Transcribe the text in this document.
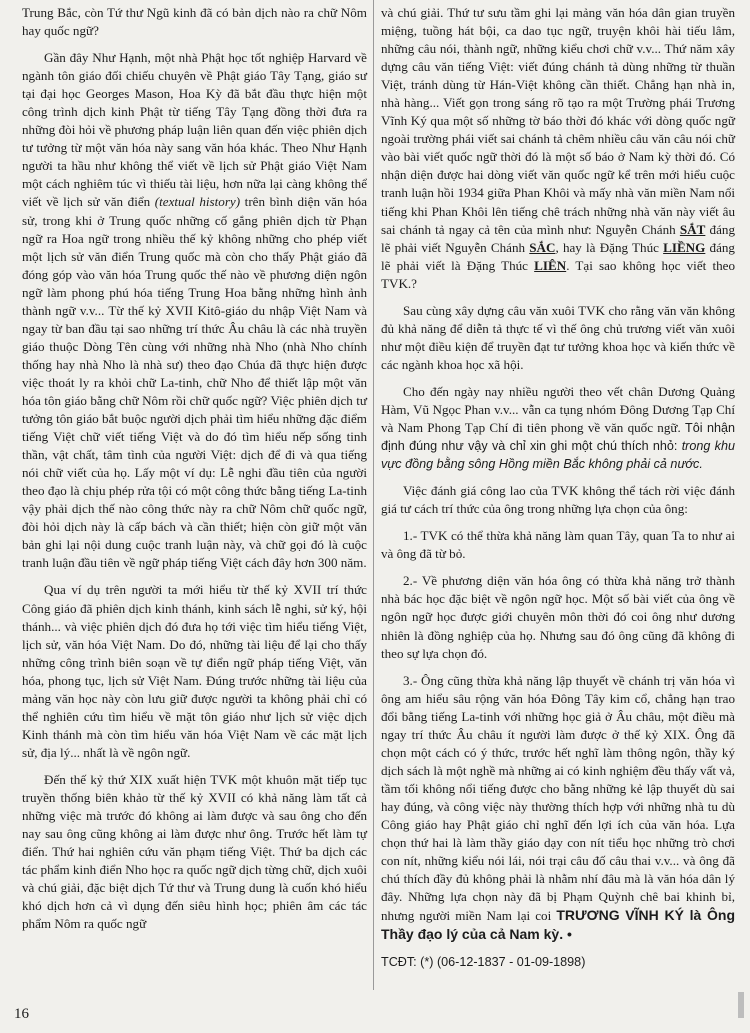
Trung Bắc, còn Tứ thư Ngũ kinh đã có bản dịch nào ra chữ Nôm hay quốc ngữ?

Gần đây Như Hạnh, một nhà Phật học tốt nghiệp Harvard về ngành tôn giáo đối chiếu chuyên về Phật giáo Tây Tạng, giáo sư tại đại học Georges Mason, Hoa Kỳ đã bắt đầu thực hiện một công trình dịch kinh Phật từ tiếng Tây Tạng đồng thời đưa ra những đòi hỏi về phương pháp luận liên quan đến việc phiên dịch tư tưởng từ một văn hóa này sang văn hóa khác. Theo Như Hạnh người ta hầu như không thể viết về lịch sử Phật giáo Việt Nam một cách nghiêm túc vì thiếu tài liệu, hơn nữa lại càng không thể viết về lịch sử văn điển (textual history) trên bình diện văn hóa sử, trong khi ở Trung quốc những cố gắng phiên dịch từ Phạn ngữ ra Hoa ngữ trong nhiều thế kỷ không những cho phép viết một lịch sử văn điển Trung quốc mà còn cho thấy Phật giáo đã đóng góp vào văn hóa Trung quốc thế nào về phương diện ngôn ngữ làm phong phú hóa tiếng Trung Hoa bằng những hình ảnh thành ngữ v.v... Từ thế kỷ XVII Kitô-giáo du nhập Việt Nam và ngay từ ban đầu tại sao những trí thức Âu châu là các nhà truyền giáo thuộc Dòng Tên cùng với những nhà Nho (nhà Nho chính thống hay nhà Nho là nhà sư) theo đạo Chúa đã thực hiện được việc thoát ly ra khỏi chữ La-tinh, chữ Nho để thiết lập một văn hóa tôn giáo bằng chữ Nôm rồi chữ quốc ngữ? Việc phiên dịch tư tưởng tôn giáo bắt buộc người dịch phải tìm hiểu những đặc điểm tiếng Việt chữ viết tiếng Việt và do đó tìm hiểu nếp sống tinh thần, vật chất, tâm tình của người Việt: dịch để đi và qua tiếng nói chữ viết của họ. Lấy một ví dụ: Lễ nghi đầu tiên của người theo đạo là chịu phép rửa tội có một công thức bằng tiếng La-tinh vậy phải dịch thế nào công thức này ra chữ Nôm chữ quốc ngữ, đòi hỏi dịch này là cấp bách và cần thiết; hiện còn giữ một văn bản ghi lại nội dung cuộc tranh luận này, và chữ gọi đó là cuộc tranh luận đầu tiên về ngữ pháp tiếng Việt cách đây hơn 300 năm.

Qua ví dụ trên người ta mới hiểu từ thế kỷ XVII trí thức Công giáo đã phiên dịch kinh thánh, kinh sách lễ nghi, sử ký, hội thánh... và việc phiên dịch đó đưa họ tới việc tìm hiểu tiếng Việt, lịch sử, văn hóa Việt Nam. Do đó, những tài liệu để lại cho thấy những công trình biên soạn về tự điển ngữ pháp tiếng Việt, văn hóa, phong tục, lịch sử Việt Nam. Đúng trước những tài liệu của mảng văn học này còn lưu giữ được người ta không phải chỉ có thể nghiên cứu tìm hiểu về mặt tôn giáo như lịch sử việc dịch Kinh thánh mà còn tìm hiểu văn hóa Việt Nam về các mặt lịch sử, địa lý... nhất là về ngôn ngữ.

Đến thế kỷ thứ XIX xuất hiện TVK một khuôn mặt tiếp tục truyền thống biên khảo từ thế kỷ XVII có khả năng làm tất cả những việc mà trước đó không ai làm được và sau ông cho đến nay sau ông cũng không ai làm được như ông. Trước hết làm tự điển. Thứ hai nghiên cứu văn phạm tiếng Việt. Thứ ba dịch các tác phẩm kinh điển Nho học ra quốc ngữ dịch từng chữ, dịch xuôi và chú giải, đặc biệt dịch Tứ thư và Trung dung là cuốn khó hiểu khó dịch hơn cả vì dụng đến siêu hình học; phiên âm các tác phẩm Nôm ra quốc ngữ

và chú giải. Thứ tư sưu tầm ghi lại mảng văn hóa dân gian truyền miệng, tuồng hát bội, ca dao tục ngữ, truyện khôi hài tiếu lâm, những câu nói, thành ngữ, những kiểu chơi chữ v.v... Thứ năm xây dựng câu văn tiếng Việt: viết đúng chánh tả dùng những từ thuần Việt, tránh dùng từ Hán-Việt không cần thiết. Chẳng hạn nhà in, nhà hàng... Viết gọn trong sáng rõ tạo ra một Trường phái Trương Vĩnh Ký qua một số những tờ báo thời đó khác với dòng quốc ngữ ngoài trường phái viết sai chánh tả chêm nhiều câu văn câu nói chữ vào bài viết quốc ngữ thời đó là một số báo ở Nam kỳ thời đó. Có nhận diện được hai dòng viết văn quốc ngữ kể trên mới hiểu cuộc tranh luận hồi 1934 giữa Phan Khôi và mấy nhà văn miền Nam nổi tiếng khi Phan Khôi lên tiếng chê trách những nhà văn này viết âu sai chánh tả ngay cả tên của mình như: Nguyễn Chánh SẮT đáng lẽ phải viết Nguyễn Chánh SẮC, hay là Đặng Thúc LIỀNG đáng lẽ phải viết là Đặng Thúc LIÊN. Tại sao không học viết theo TVK.?

Sau cùng xây dựng câu văn xuôi TVK cho rằng văn văn không đủ khả năng để diễn tả thực tế vì thế ông chủ trương viết văn xuôi như một điều kiện để truyền đạt tư tưởng khoa học và kiến thức về các ngành khoa học xã hội.

Cho đến ngày nay nhiều người theo vết chân Dương Quảng Hàm, Vũ Ngọc Phan v.v... vẫn ca tụng nhóm Đông Dương Tạp Chí và Nam Phong Tạp Chí đi tiên phong về văn quốc ngữ. Tôi nhận định đúng như vậy và chỉ xin ghi một chú thích nhỏ: trong khu vực đồng bằng sông Hồng miền Bắc không phải cả nước.

Việc đánh giá công lao của TVK không thể tách rời việc đánh giá tư cách trí thức của ông trong những lựa chọn của ông:

1.- TVK có thể thừa khả năng làm quan Tây, quan Ta to như ai và ông đã từ bỏ.

2.- Về phương diện văn hóa ông có thừa khả năng trở thành nhà bác học đặc biệt về ngôn ngữ học. Một số bài viết của ông về ngôn ngữ học được giới chuyên môn thời đó coi ông như dương nhiên là đồng nghiệp của họ. Nhưng sau đó ông cũng đã không đi theo sự lựa chọn đó.

3.- Ông cũng thừa khả năng lập thuyết về chánh trị văn hóa vì ông am hiểu sâu rộng văn hóa Đông Tây kim cổ, chẳng hạn trao đổi bằng tiếng La-tinh với những học giả ở Âu châu, một điều mà ngay trí thức Âu châu ít người làm được ở thế kỷ XIX. Ông đã chọn một cách có ý thức, trước hết nghĩ làm thông ngôn, thầy ký dịch sách là một nghề mà những ai có kinh nghiệm đều thấy vất vả, tầm tối không nổi tiếng được cho bằng những kẻ lập thuyết dù sai hay đúng, và công việc này thường thích hợp với những nhà tu dù Công giáo hay Phật giáo chỉ nghĩ đến lợi ích của văn hóa. Lựa chọn thứ hai là làm thầy giáo dạy con nít tiểu học những trò chơi con nít, những kiểu nói lái, nói trại câu đố câu thai v.v... và ông đã chú thích đầy đủ không phải là nhằm nhí đâu mà là văn hóa dân lý đây. Những lựa chọn này đã bị Phạm Quỳnh chê bai khinh bỉ, nhưng người miền Nam lại coi TRƯƠNG VĨNH KÝ là Ông Thầy đạo lý của cả Nam kỳ. •

TCĐT: (*) (06-12-1837 - 01-09-1898)

16
